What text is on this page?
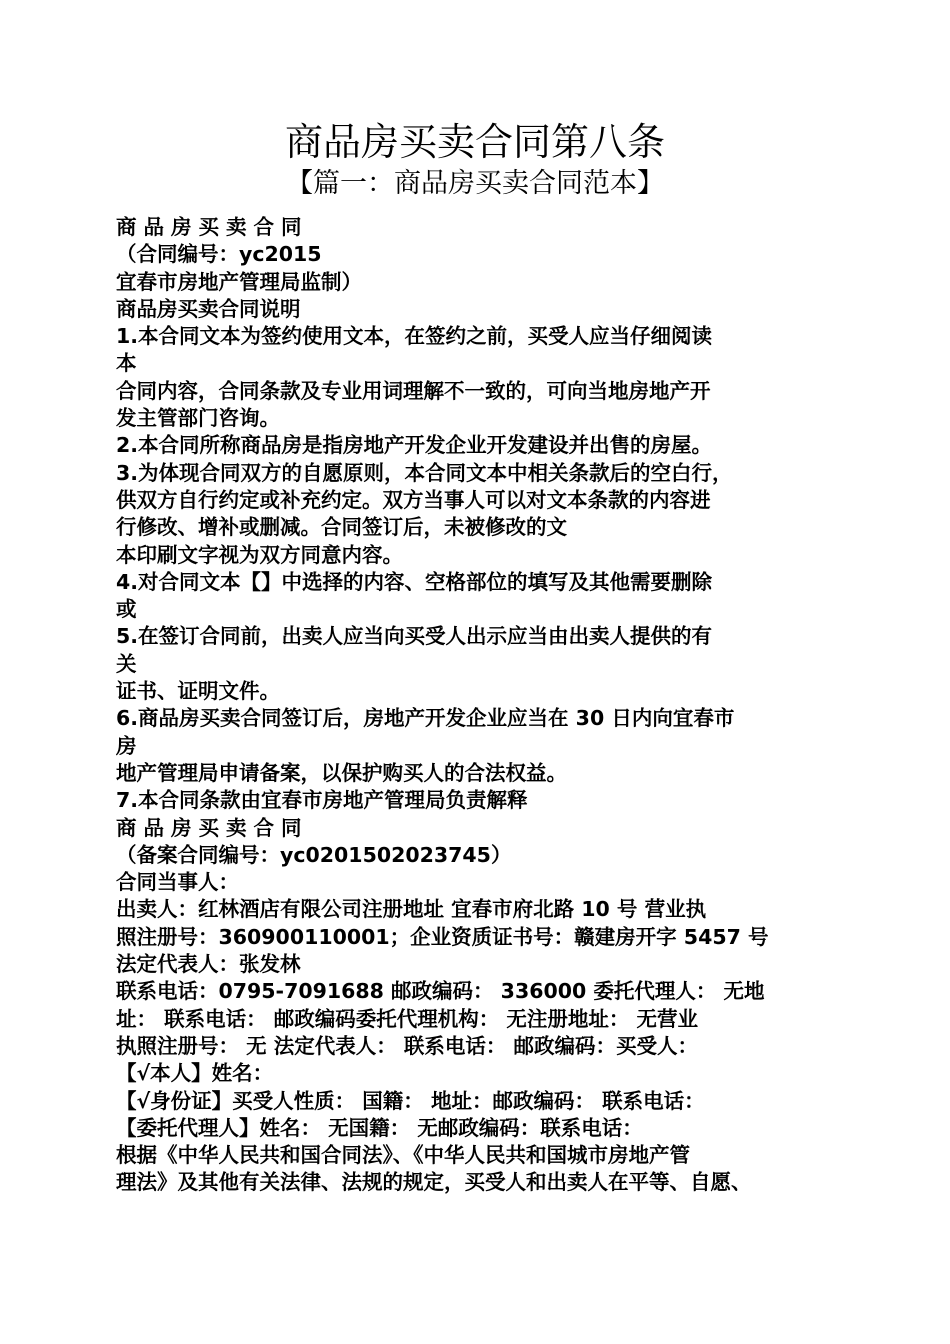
商品房买卖合同第八条
【篇一：商品房买卖合同范本】
商品房买卖合同
（合同编号：yc2015
宜春市房地产管理局监制）
商品房买卖合同说明
1.本合同文本为签约使用文本，在签约之前，买受人应当仔细阅读
本
合同内容，合同条款及专业用词理解不一致的，可向当地房地产开
发主管部门咨询。
2.本合同所称商品房是指房地产开发企业开发建设并出售的房屋。
3.为体现合同双方的自愿原则，本合同文本中相关条款后的空白行，
供双方自行约定或补充约定。双方当事人可以对文本条款的内容进
行修改、增补或删减。合同签订后，未被修改的文
本印刷文字视为双方同意内容。
4.对合同文本【】中选择的内容、空格部位的填写及其他需要删除
或
5.在签订合同前，出卖人应当向买受人出示应当由出卖人提供的有
关
证书、证明文件。
6.商品房买卖合同签订后，房地产开发企业应当在 30 日内向宜春市
房
地产管理局申请备案，以保护购买人的合法权益。
7.本合同条款由宜春市房地产管理局负责解释
商品房买卖合同
（备案合同编号：yc0201502023745）
合同当事人：
出卖人：红林酒店有限公司注册地址 宜春市府北路 10 号 营业执
照注册号：360900110001；企业资质证书号：赣建房开字 5457 号
法定代表人：张发林
联系电话：0795-7091688 邮政编码： 336000 委托代理人： 无地
址： 联系电话： 邮政编码委托代理机构： 无注册地址： 无营业
执照注册号： 无 法定代表人： 联系电话： 邮政编码：买受人：
【√本人】姓名：
【√身份证】买受人性质： 国籍： 地址：邮政编码： 联系电话：
【委托代理人】姓名： 无国籍： 无邮政编码：联系电话：
根据《中华人民共和国合同法》、《中华人民共和国城市房地产管
理法》及其他有关法律、法规的规定，买受人和出卖人在平等、自愿、
